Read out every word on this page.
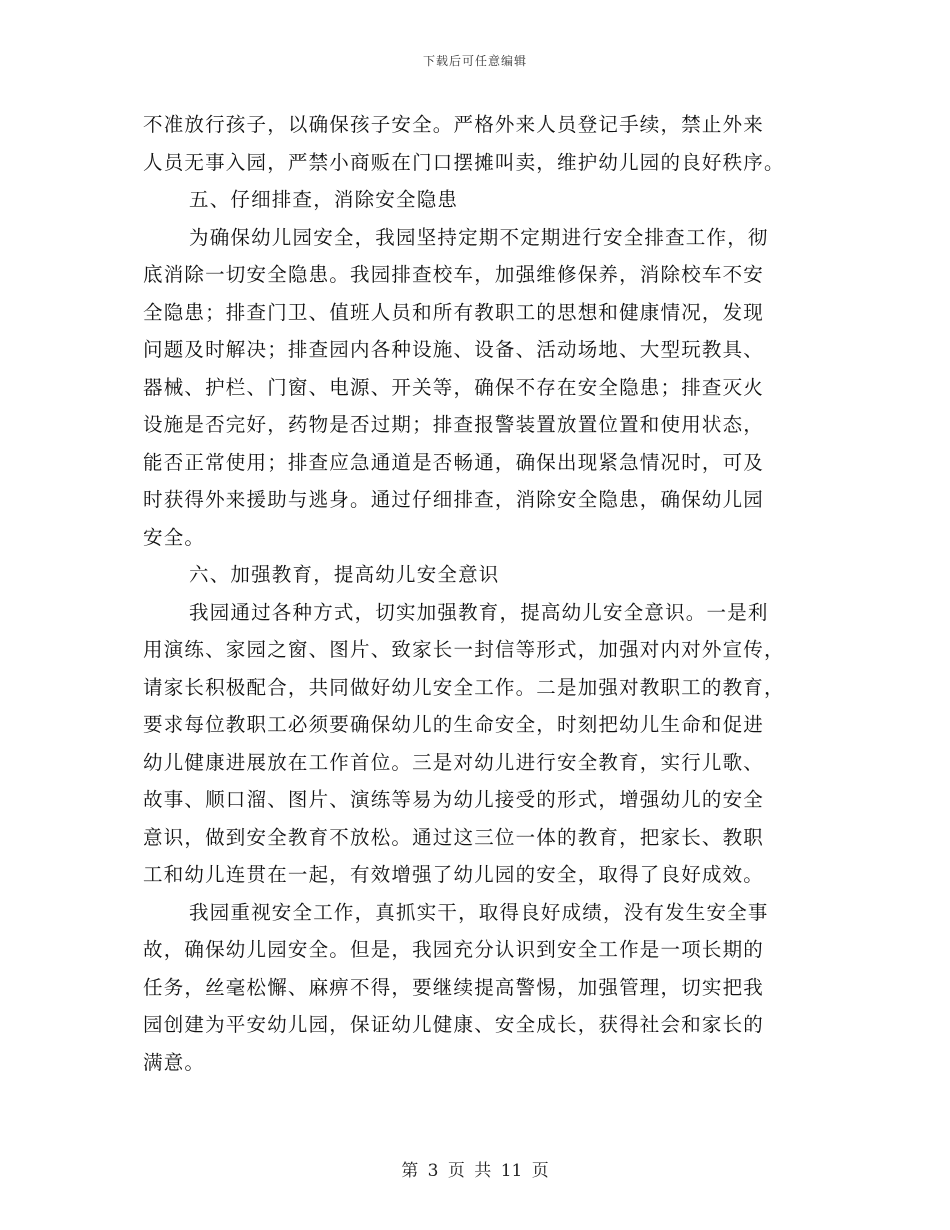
下载后可任意编辑
不准放行孩子，以确保孩子安全。严格外来人员登记手续，禁止外来
人员无事入园，严禁小商贩在门口摆摊叫卖，维护幼儿园的良好秩序。
五、仔细排查，消除安全隐患
为确保幼儿园安全，我园坚持定期不定期进行安全排查工作，彻
底消除一切安全隐患。我园排查校车，加强维修保养，消除校车不安
全隐患；排查门卫、值班人员和所有教职工的思想和健康情况，发现
问题及时解决；排查园内各种设施、设备、活动场地、大型玩教具、
器械、护栏、门窗、电源、开关等，确保不存在安全隐患；排查灭火
设施是否完好，药物是否过期；排查报警装置放置位置和使用状态，
能否正常使用；排查应急通道是否畅通，确保出现紧急情况时，可及
时获得外来援助与逃身。通过仔细排查，消除安全隐患，确保幼儿园
安全。
六、加强教育，提高幼儿安全意识
我园通过各种方式，切实加强教育，提高幼儿安全意识。一是利
用演练、家园之窗、图片、致家长一封信等形式，加强对内对外宣传，
请家长积极配合，共同做好幼儿安全工作。二是加强对教职工的教育，
要求每位教职工必须要确保幼儿的生命安全，时刻把幼儿生命和促进
幼儿健康进展放在工作首位。三是对幼儿进行安全教育，实行儿歌、
故事、顺口溜、图片、演练等易为幼儿接受的形式，增强幼儿的安全
意识，做到安全教育不放松。通过这三位一体的教育，把家长、教职
工和幼儿连贯在一起，有效增强了幼儿园的安全，取得了良好成效。
我园重视安全工作，真抓实干，取得良好成绩，没有发生安全事
故，确保幼儿园安全。但是，我园充分认识到安全工作是一项长期的
任务，丝毫松懈、麻痹不得，要继续提高警惕，加强管理，切实把我
园创建为平安幼儿园，保证幼儿健康、安全成长，获得社会和家长的
满意。
第 3 页 共 11 页
